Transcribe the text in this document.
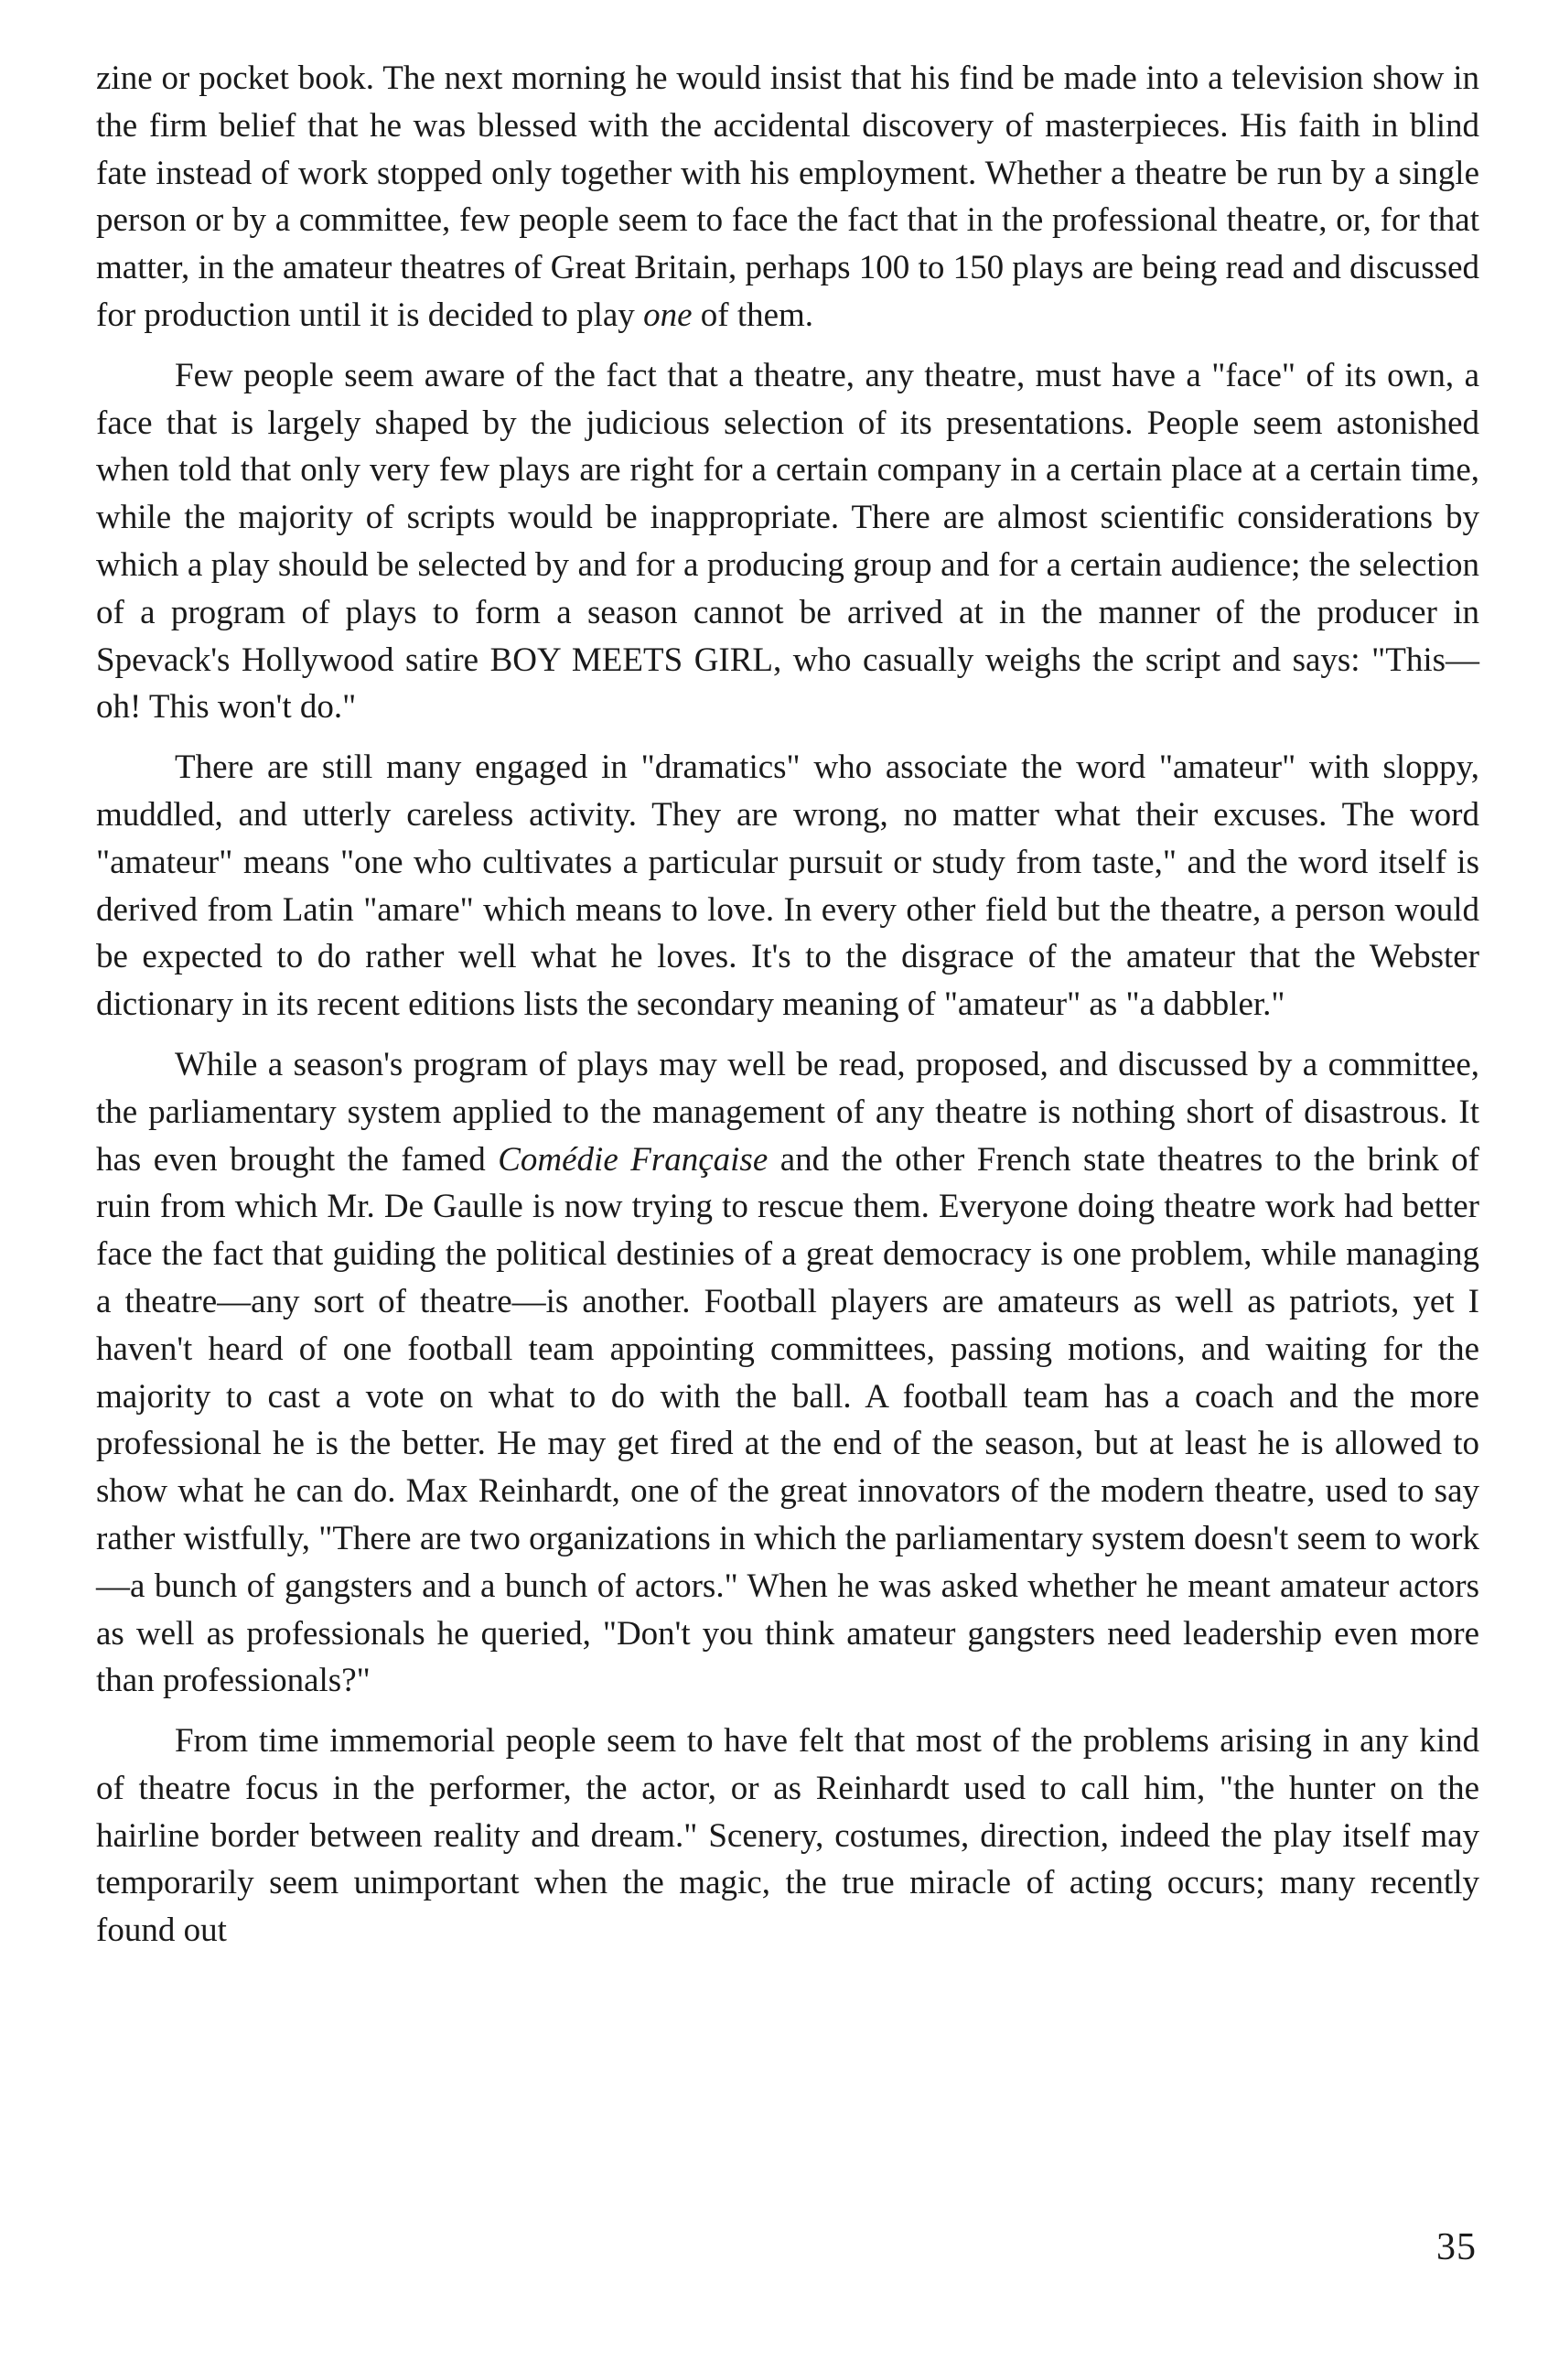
zine or pocket book. The next morning he would insist that his find be made into a television show in the firm belief that he was blessed with the accidental discovery of masterpieces. His faith in blind fate instead of work stopped only together with his employment. Whether a theatre be run by a single person or by a committee, few people seem to face the fact that in the professional theatre, or, for that matter, in the amateur theatres of Great Britain, perhaps 100 to 150 plays are being read and discussed for production until it is decided to play one of them.

Few people seem aware of the fact that a theatre, any theatre, must have a "face" of its own, a face that is largely shaped by the judicious selection of its presentations. People seem astonished when told that only very few plays are right for a certain company in a certain place at a certain time, while the majority of scripts would be inappropriate. There are almost scientific considerations by which a play should be selected by and for a producing group and for a certain audience; the selection of a program of plays to form a season cannot be arrived at in the manner of the producer in Spevack's Hollywood satire BOY MEETS GIRL, who casually weighs the script and says: "This—oh! This won't do."

There are still many engaged in "dramatics" who associate the word "amateur" with sloppy, muddled, and utterly careless activity. They are wrong, no matter what their excuses. The word "amateur" means "one who cultivates a particular pursuit or study from taste," and the word itself is derived from Latin "amare" which means to love. In every other field but the theatre, a person would be expected to do rather well what he loves. It's to the disgrace of the amateur that the Webster dictionary in its recent editions lists the secondary meaning of "amateur" as "a dabbler."

While a season's program of plays may well be read, proposed, and discussed by a committee, the parliamentary system applied to the management of any theatre is nothing short of disastrous. It has even brought the famed Comédie Française and the other French state theatres to the brink of ruin from which Mr. De Gaulle is now trying to rescue them. Everyone doing theatre work had better face the fact that guiding the political destinies of a great democracy is one problem, while managing a theatre—any sort of theatre—is another. Football players are amateurs as well as patriots, yet I haven't heard of one football team appointing committees, passing motions, and waiting for the majority to cast a vote on what to do with the ball. A football team has a coach and the more professional he is the better. He may get fired at the end of the season, but at least he is allowed to show what he can do. Max Reinhardt, one of the great innovators of the modern theatre, used to say rather wistfully, "There are two organizations in which the parliamentary system doesn't seem to work—a bunch of gangsters and a bunch of actors." When he was asked whether he meant amateur actors as well as professionals he queried, "Don't you think amateur gangsters need leadership even more than professionals?"

From time immemorial people seem to have felt that most of the problems arising in any kind of theatre focus in the performer, the actor, or as Reinhardt used to call him, "the hunter on the hairline border between reality and dream." Scenery, costumes, direction, indeed the play itself may temporarily seem unimportant when the magic, the true miracle of acting occurs; many recently found out

35
